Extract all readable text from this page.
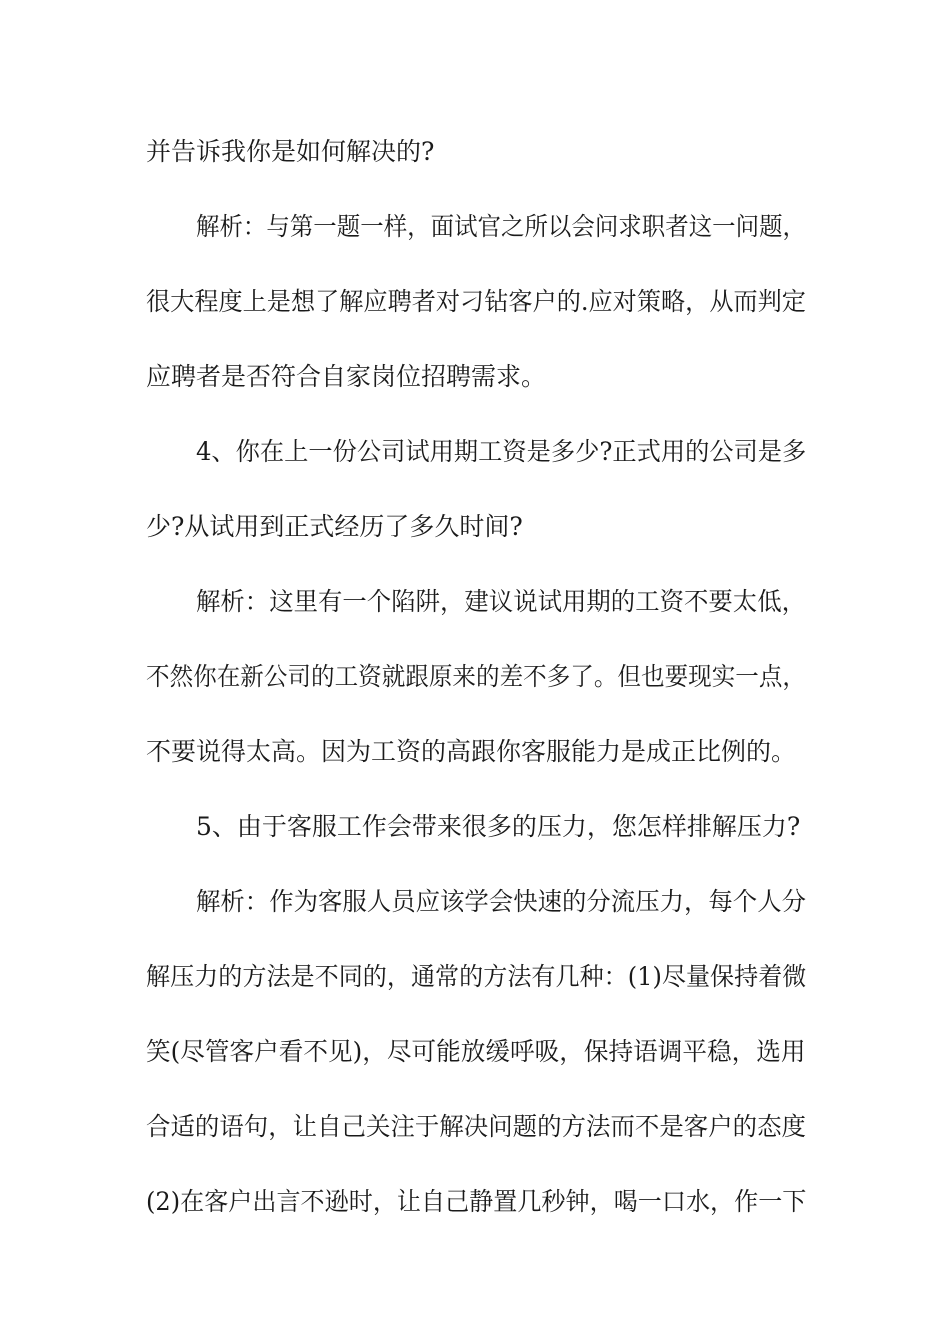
并告诉我你是如何解决的?
解析：与第一题一样，面试官之所以会问求职者这一问题，
很大程度上是想了解应聘者对刁钻客户的.应对策略，从而判定
应聘者是否符合自家岗位招聘需求。
4、你在上一份公司试用期工资是多少?正式用的公司是多
少?从试用到正式经历了多久时间?
解析：这里有一个陷阱，建议说试用期的工资不要太低，
不然你在新公司的工资就跟原来的差不多了。但也要现实一点，
不要说得太高。因为工资的高跟你客服能力是成正比例的。
5、由于客服工作会带来很多的压力，您怎样排解压力?
解析：作为客服人员应该学会快速的分流压力，每个人分
解压力的方法是不同的，通常的方法有几种：(1)尽量保持着微
笑(尽管客户看不见)，尽可能放缓呼吸，保持语调平稳，选用
合适的语句，让自己关注于解决问题的方法而不是客户的态度
(2)在客户出言不逊时，让自己静置几秒钟，喝一口水，作一下
